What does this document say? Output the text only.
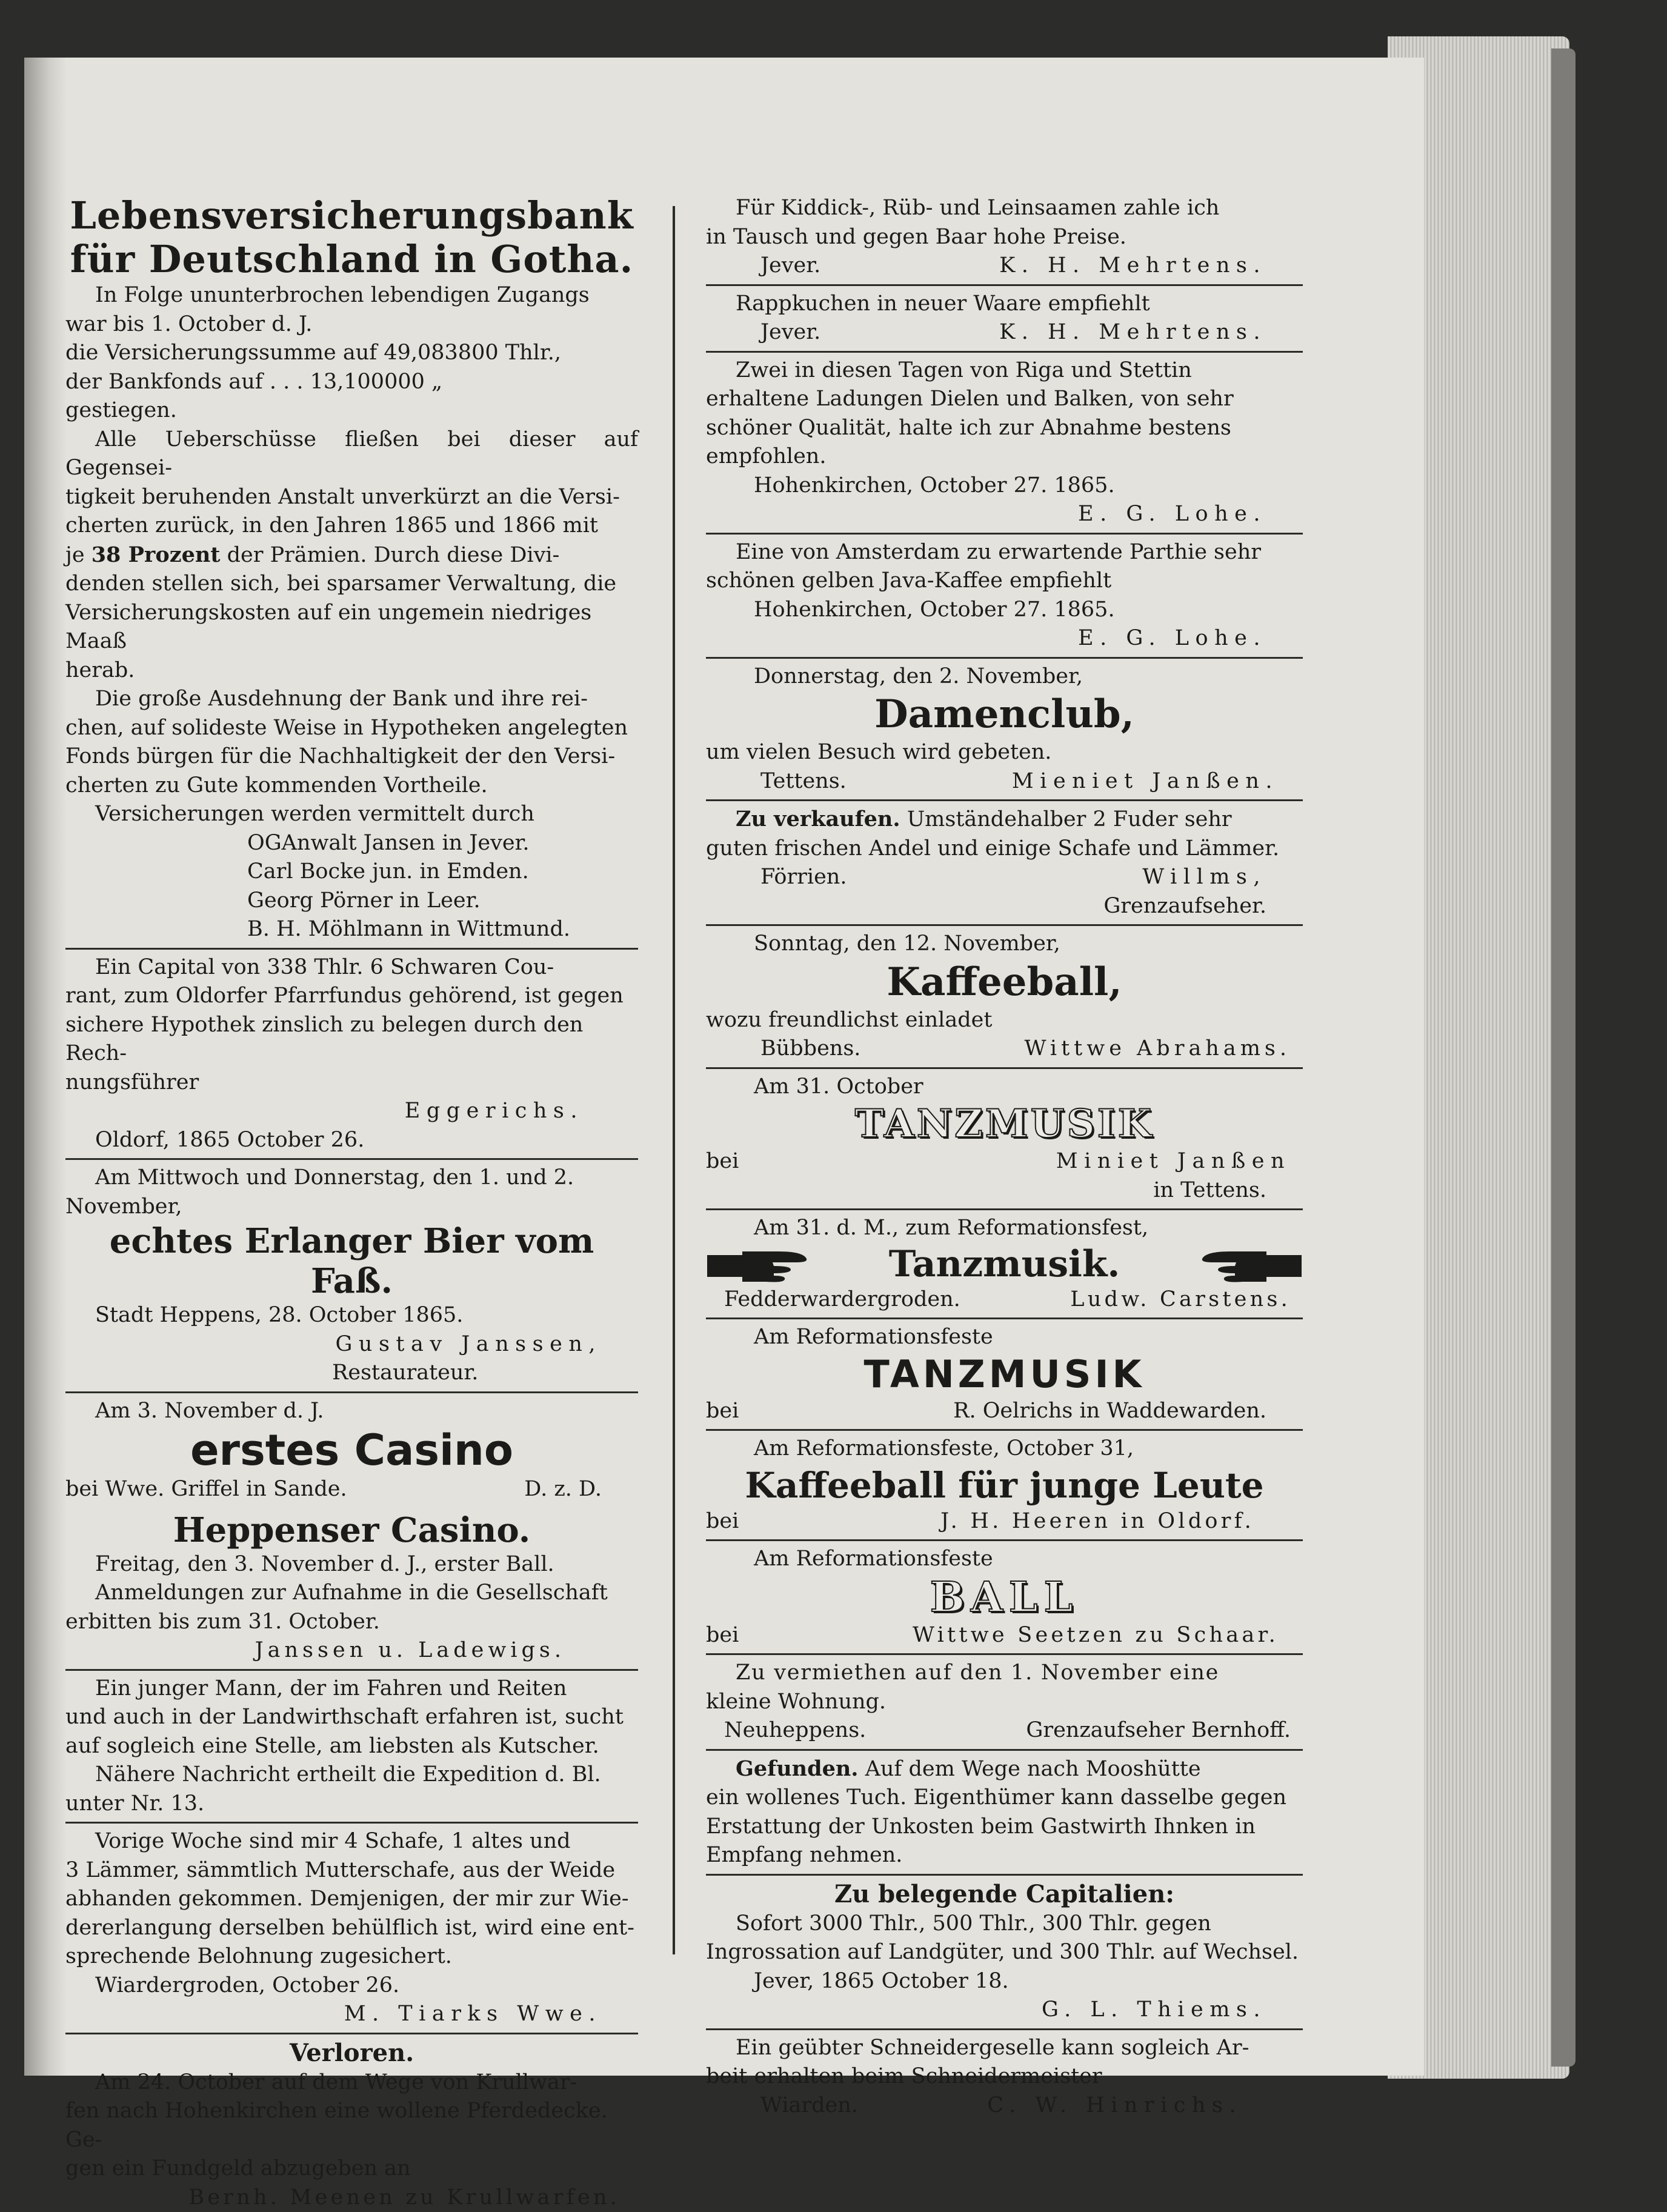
Lebensversicherungsbank
für Deutschland in Gotha.
In Folge ununterbrochen lebendigen Zugangs
war bis 1. October d. J.
die Versicherungssumme auf 49,083800 Thlr.,
der Bankfonds auf . . . 13,100000 „
gestiegen.
Alle Ueberschüsse fließen bei dieser auf Gegensei-
tigkeit beruhenden Anstalt unverkürzt an die Versi-
cherten zurück, in den Jahren 1865 und 1866 mit
je 38 Prozent der Prämien. Durch diese Divi-
denden stellen sich, bei sparsamer Verwaltung, die
Versicherungskosten auf ein ungemein niedriges Maaß
herab.
Die große Ausdehnung der Bank und ihre rei-
chen, auf solideste Weise in Hypotheken angelegten
Fonds bürgen für die Nachhaltigkeit der den Versi-
cherten zu Gute kommenden Vortheile.
Versicherungen werden vermittelt durch
OGAnwalt Jansen in Jever.
Carl Bocke jun. in Emden.
Georg Pörner in Leer.
B. H. Möhlmann in Wittmund.
Ein Capital von 338 Thlr. 6 Schwaren Cou-
rant, zum Oldorfer Pfarrfundus gehörend, ist gegen
sichere Hypothek zinslich zu belegen durch den Rech-
nungsführer
Eggerichs.
Oldorf, 1865 October 26.
Am Mittwoch und Donnerstag, den 1. und 2.
November,
echtes Erlanger Bier vom Faß.
Stadt Heppens, 28. October 1865.
Gustav Janssen,
Restaurateur.
Am 3. November d. J.
erstes Casino
bei Wwe. Griffel in Sande.	D. z. D.
Heppenser Casino.
Freitag, den 3. November d. J., erster Ball.
Anmeldungen zur Aufnahme in die Gesellschaft
erbitten bis zum 31. October.
Janssen u. Ladewigs.
Ein junger Mann, der im Fahren und Reiten
und auch in der Landwirthschaft erfahren ist, sucht
auf sogleich eine Stelle, am liebsten als Kutscher.
Nähere Nachricht ertheilt die Expedition d. Bl.
unter Nr. 13.
Vorige Woche sind mir 4 Schafe, 1 altes und
3 Lämmer, sämmtlich Mutterschafe, aus der Weide
abhanden gekommen. Demjenigen, der mir zur Wie-
dererlangung derselben behülflich ist, wird eine ent-
sprechende Belohnung zugesichert.
Wiardergroden, October 26.
M. Tiarks Wwe.
Verloren.
Am 24. October auf dem Wege von Krullwar-
fen nach Hohenkirchen eine wollene Pferdedecke. Ge-
gen ein Fundgeld abzugeben an
Bernh. Meenen zu Krullwarfen.
Für Kiddick-, Rüb- und Leinsaamen zahle ich
in Tausch und gegen Baar hohe Preise.
Jever.	K. H. Mehrtens.
Rappkuchen in neuer Waare empfiehlt
Jever.	K. H. Mehrtens.
Zwei in diesen Tagen von Riga und Stettin
erhaltene Ladungen Dielen und Balken, von sehr
schöner Qualität, halte ich zur Abnahme bestens
empfohlen.
Hohenkirchen, October 27. 1865.
E. G. Lohe.
Eine von Amsterdam zu erwartende Parthie sehr
schönen gelben Java-Kaffee empfiehlt
Hohenkirchen, October 27. 1865.
E. G. Lohe.
Donnerstag, den 2. November,
Damenclub,
um vielen Besuch wird gebeten.
Tettens.	Mieniet Janßen.
Zu verkaufen. Umständehalber 2 Fuder sehr
guten frischen Andel und einige Schafe und Lämmer.
Förrien.	Willms,
Grenzaufseher.
Sonntag, den 12. November,
Kaffeeball,
wozu freundlichst einladet
Bübbens.	Wittwe Abrahams.
Am 31. October
TANZMUSIK
bei	Miniet Janßen
in Tettens.
Am 31. d. M., zum Reformationsfest,
Tanzmusik.
Fedderwardergroden.	Ludw. Carstens.
Am Reformationsfeste
TANZMUSIK
bei	R. Oelrichs in Waddewarden.
Am Reformationsfeste, October 31,
Kaffeeball für junge Leute
bei	J. H. Heeren in Oldorf.
Am Reformationsfeste
BALL
bei	Wittwe Seetzen zu Schaar.
Zu vermiethen auf den 1. November eine
kleine Wohnung.
Neuheppens.	Grenzaufseher Bernhoff.
Gefunden. Auf dem Wege nach Mooshütte
ein wollenes Tuch. Eigenthümer kann dasselbe gegen
Erstattung der Unkosten beim Gastwirth Ihnken in
Empfang nehmen.
Zu belegende Capitalien:
Sofort 3000 Thlr., 500 Thlr., 300 Thlr. gegen
Ingrossation auf Landgüter, und 300 Thlr. auf Wechsel.
Jever, 1865 October 18.
G. L. Thiems.
Ein geübter Schneidergeselle kann sogleich Ar-
beit erhalten beim Schneidermeister
Wiarden.	C. W. Hinrichs.
